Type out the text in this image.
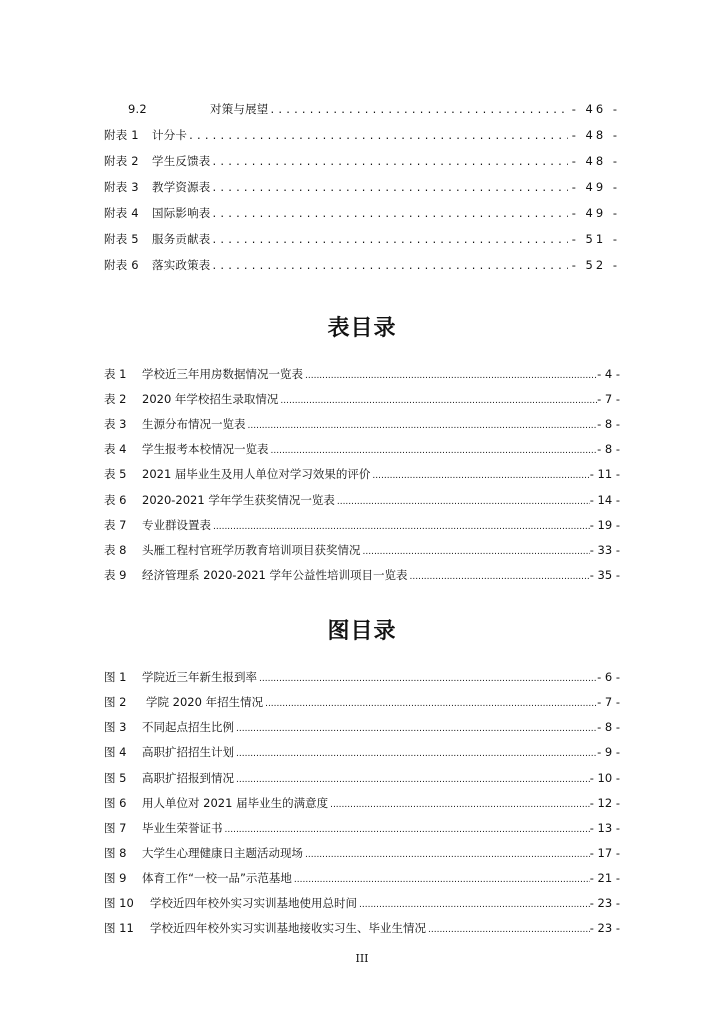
9.2	对策与展望 .....	- 46 -
附表 1	计分卡 .....	- 48 -
附表 2	学生反馈表 .....	- 48 -
附表 3	教学资源表 .....	- 49 -
附表 4	国际影响表 .....	- 49 -
附表 5	服务贡献表 .....	- 51 -
附表 6	落实政策表 .....	- 52 -
表目录
表 1	学校近三年用房数据情况一览表 .....	- 4 -
表 2	2020 年学校招生录取情况 .....	- 7 -
表 3	生源分布情况一览表 .....	- 8 -
表 4	学生报考本校情况一览表 .....	- 8 -
表 5	2021 届毕业生及用人单位对学习效果的评价 .....	- 11 -
表 6	2020-2021 学年学生获奖情况一览表 .....	- 14 -
表 7	专业群设置表 .....	- 19 -
表 8	头雁工程村官班学历教育培训项目获奖情况 .....	- 33 -
表 9	经济管理系 2020-2021 学年公益性培训项目一览表 .....	- 35 -
图目录
图 1	学院近三年新生报到率 .....	- 6 -
图 2	学院 2020 年招生情况 .....	- 7 -
图 3	不同起点招生比例 .....	- 8 -
图 4	高职扩招招生计划 .....	- 9 -
图 5	高职扩招报到情况 .....	- 10 -
图 6	用人单位对 2021 届毕业生的满意度 .....	- 12 -
图 7	毕业生荣誉证书 .....	- 13 -
图 8	大学生心理健康日主题活动现场 .....	- 17 -
图 9	体育工作“一校一品”示范基地 .....	- 21 -
图 10	学校近四年校外实习实训基地使用总时间 .....	- 23 -
图 11	学校近四年校外实习实训基地接收实习生、毕业生情况 .....	- 23 -
III
